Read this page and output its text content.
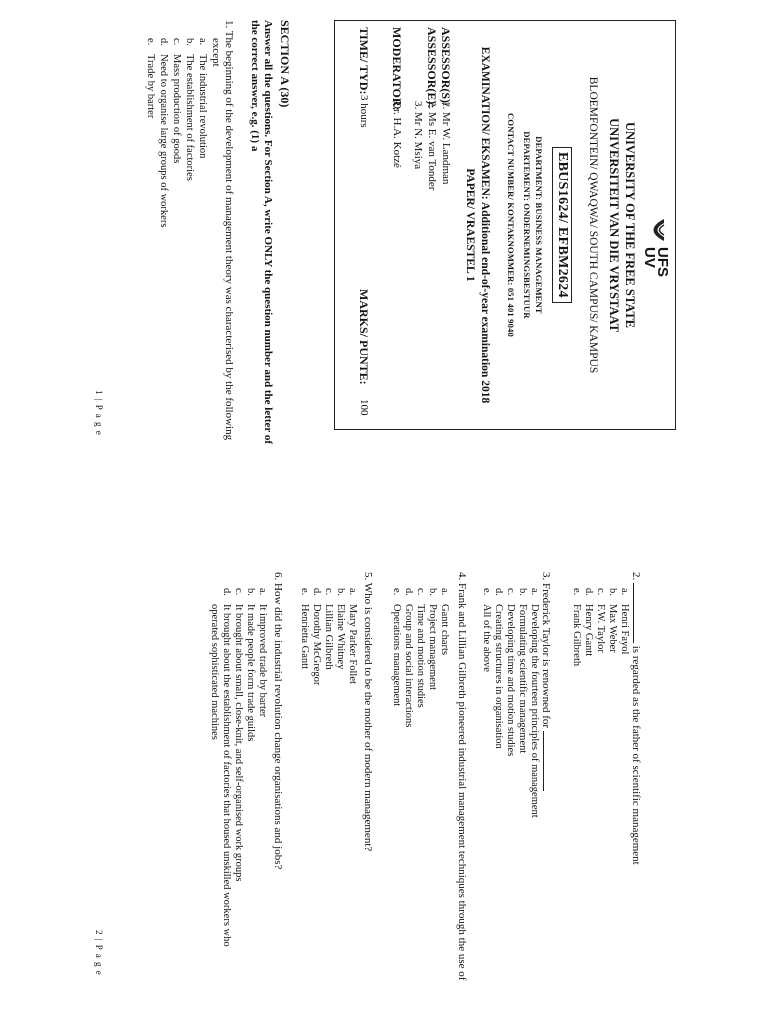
UFS
UV
UNIVERSITY OF THE FREE STATE
UNIVERSITEIT VAN DIE VRYSTAAT
BLOEMFONTEIN/ QWAQWA/ SOUTH CAMPUS/ KAMPUS
EBUS1624/ EFBM2624
DEPARTMENT: BUSINESS MANAGEMENT
DEPARTEMENT: ONDERNEMINGSBESTUUR
CONTACT NUMBER/ KONTAKNOMMER: 051 401 9040
EXAMINATION/ EKSAMEN: Additional end-of-year examination 2018
PAPER/ VRAESTEL 1
ASSESSOR(S)/
ASSESSOR(E):
1. Mr W. Landman
2. Ms E. van Tonder
3. Mr N. Msiya
MODERATOR:
Dr. H.A. Kotzé
TIME/ TYD:
3 hours
MARKS/ PUNTE:
100
SECTION A (30)
Answer all the questions. For Section A, write ONLY the question number and the letter of
the correct answer, e.g. (1) a
1. The beginning of the development of management theory was characterised by the following
except
a.The industrial revolution
b.The establishment of factories
c.Mass production of goods
d.Need to organise large groups of workers
e.Trade by barter
1 | P a g e
2.  is regarded as the father of scientific management
a.Henri Fayol
b.Max Weber
c.F.W. Taylor
d.Henry Gantt
e.Frank Gilbreth
3. Frederick Taylor is renowned for
a.Developing the fourteen principles of management
b.Formulating scientific management
c.Developing time and motion studies
d.Creating structures in organisation
e.All of the above
4. Frank and Lillian Gilbreth pioneered industrial management techniques through the use of
a.Gantt charts
b.Project management
c.Time and motion studies
d.Group and social interactions
e.Operations management
5. Who is considered to be the mother of modern management?
a.Mary Parker Follet
b.Elaine Whitney
c.Lillian Gilbreth
d.Dorothy McGregor
e.Henrietta Gantt
6. How did the industrial revolution change organisations and jobs?
a.It improved trade by barter
b.It made people form trade guilds
c.It brought about small, close-knit, and self-organised work groups
d.It brought about the establishment of factories that housed unskilled workers who
operated sophisticated machines
2 | P a g e
